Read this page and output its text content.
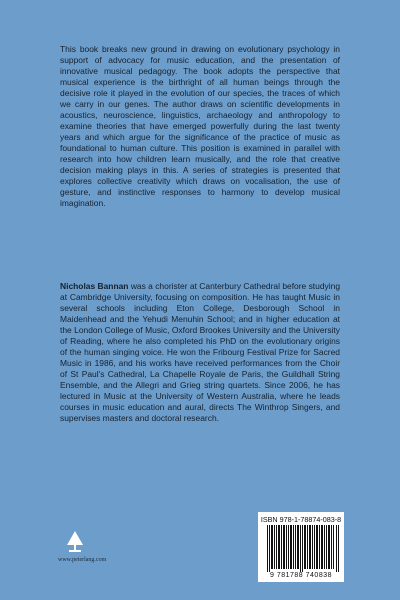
This book breaks new ground in drawing on evolutionary psychology in support of advocacy for music education, and the presentation of innovative musical pedagogy. The book adopts the perspective that musical experience is the birthright of all human beings through the decisive role it played in the evolution of our species, the traces of which we carry in our genes. The author draws on scientific developments in acoustics, neuroscience, linguistics, archaeology and anthropology to examine theories that have emerged powerfully during the last twenty years and which argue for the significance of the practice of music as foundational to human culture. This position is examined in parallel with research into how children learn musically, and the role that creative decision making plays in this. A series of strategies is presented that explores collective creativity which draws on vocalisation, the use of gesture, and instinctive responses to harmony to develop musical imagination.

Nicholas Bannan was a chorister at Canterbury Cathedral before studying at Cambridge University, focusing on composition. He has taught Music in several schools including Eton College, Desborough School in Maidenhead and the Yehudi Menuhin School; and in higher education at the London College of Music, Oxford Brookes University and the University of Reading, where he also completed his PhD on the evolutionary origins of the human singing voice. He won the Fribourg Festival Prize for Sacred Music in 1986, and his works have received performances from the Choir of St Paul's Cathedral, La Chapelle Royale de Paris, the Guildhall String Ensemble, and the Allegri and Grieg string quartets. Since 2006, he has lectured in Music at the University of Western Australia, where he leads courses in music education and aural, directs The Winthrop Singers, and supervises masters and doctoral research.

www.peterlang.com
ISBN 978-1-78874-083-8
9 781788 740838
